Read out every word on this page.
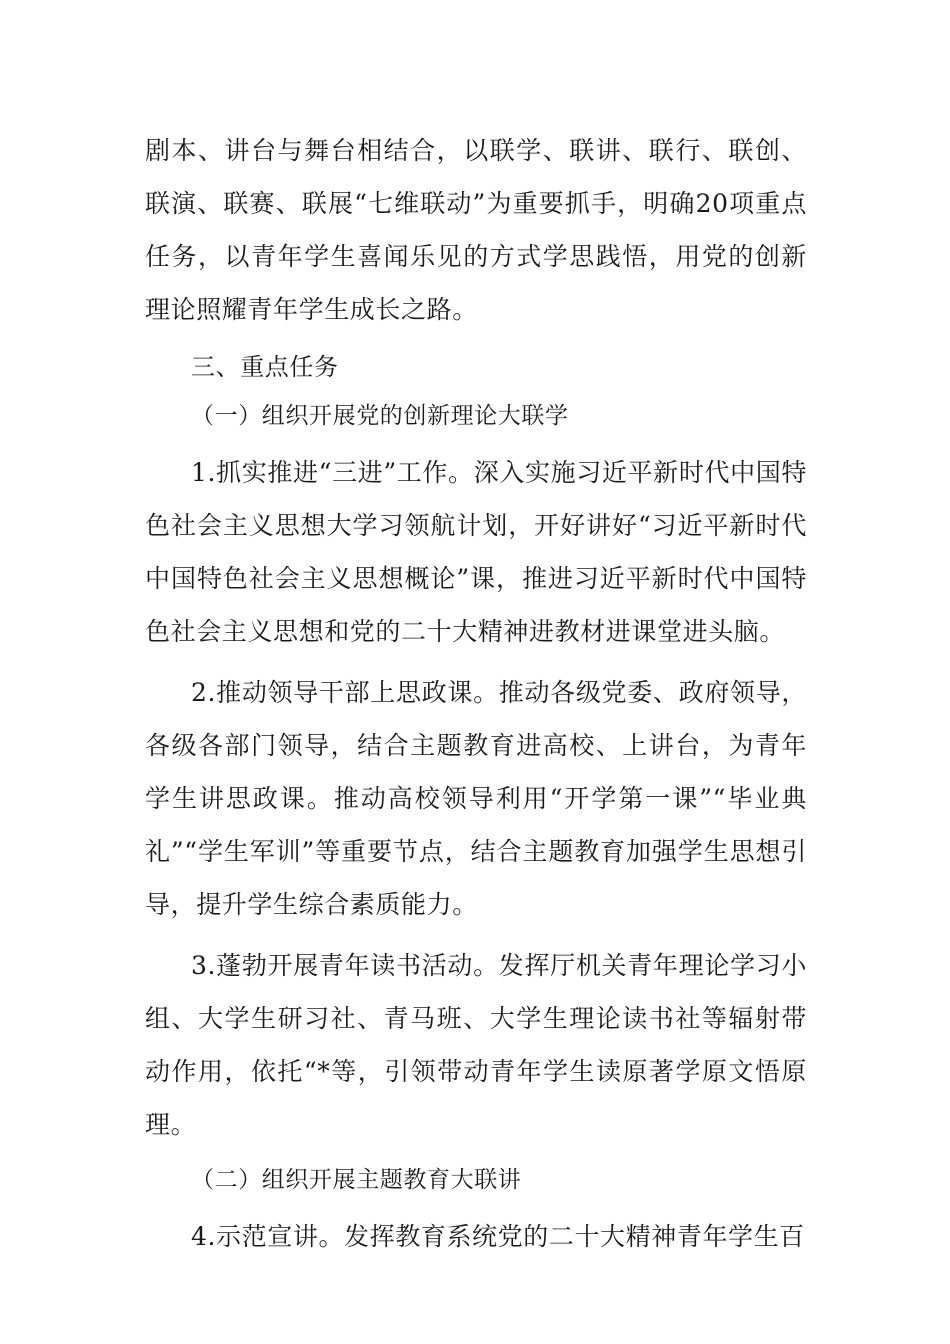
剧本、讲台与舞台相结合，以联学、联讲、联行、联创、联演、联赛、联展“七维联动”为重要抓手，明确20项重点任务，以青年学生喜闻乐见的方式学思践悟，用党的创新理论照耀青年学生成长之路。

三、重点任务

（一）组织开展党的创新理论大联学

1.抓实推进“三进”工作。深入实施习近平新时代中国特色社会主义思想大学习领航计划，开好讲好“习近平新时代中国特色社会主义思想概论”课，推进习近平新时代中国特色社会主义思想和党的二十大精神进教材进课堂进头脑。

2.推动领导干部上思政课。推动各级党委、政府领导，各级各部门领导，结合主题教育进高校、上讲台，为青年学生讲思政课。推动高校领导利用“开学第一课”“毕业典礼”“学生军训”等重要节点，结合主题教育加强学生思想引导，提升学生综合素质能力。

3.蓬勃开展青年读书活动。发挥厅机关青年理论学习小组、大学生研习社、青马班、大学生理论读书社等辐射带动作用，依托“*等，引领带动青年学生读原著学原文悟原理。

（二）组织开展主题教育大联讲

4.示范宣讲。发挥教育系统党的二十大精神青年学生百
